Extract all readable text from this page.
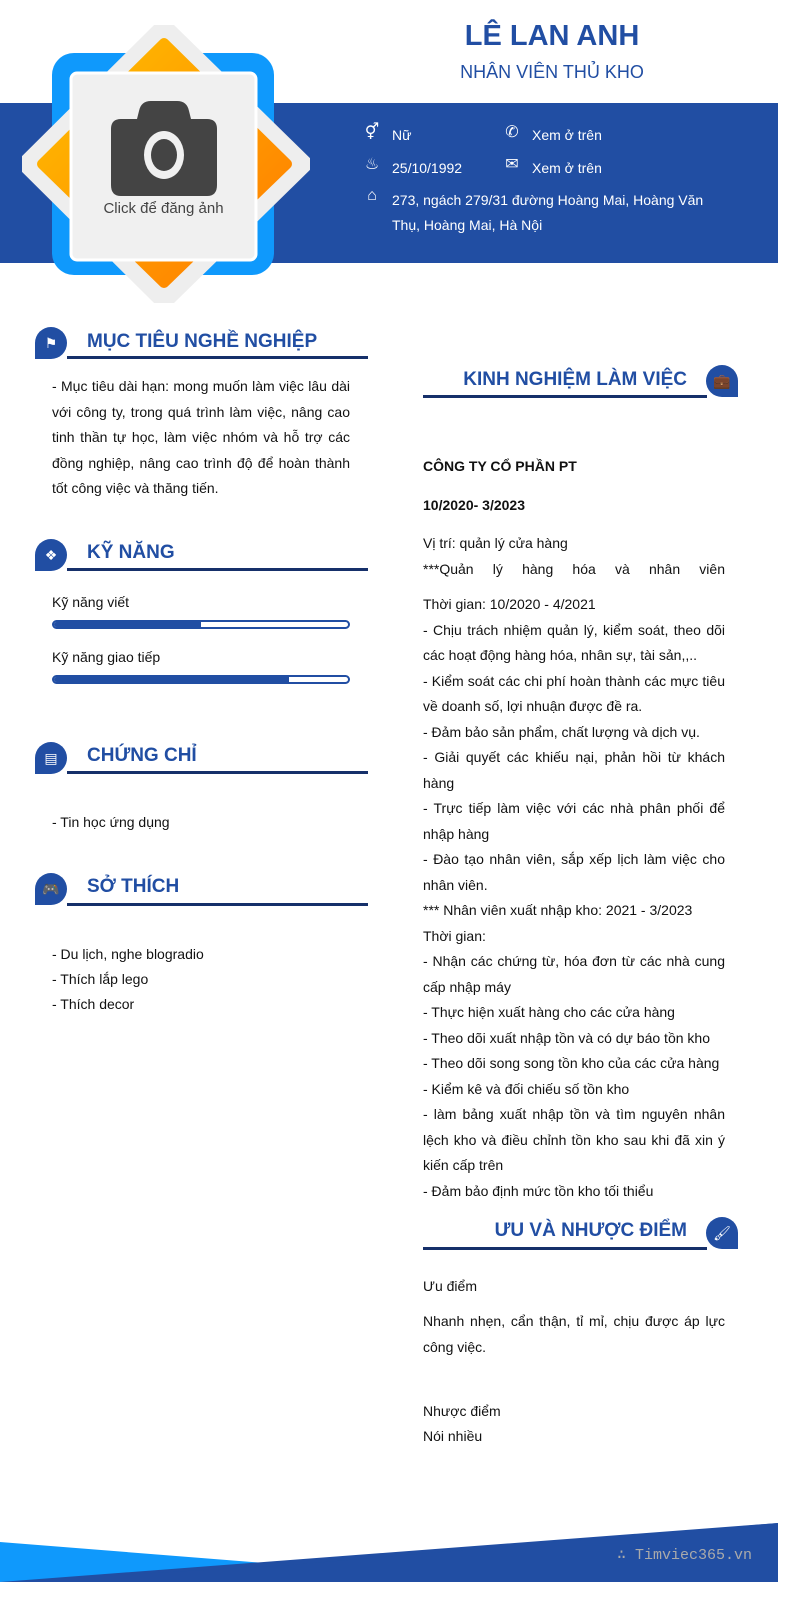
Click để đăng ảnh
LÊ LAN ANH
NHÂN VIÊN THỦ KHO
⚥ Nữ	✆ Xem ở trên
♨ 25/10/1992	✉ Xem ở trên
⌂	273, ngách 279/31 đường Hoàng Mai, Hoàng Văn
Thụ, Hoàng Mai, Hà Nội
⚑	MỤC TIÊU NGHỀ NGHIỆP
- Mục tiêu dài hạn: mong muốn làm việc lâu dài với công ty, trong quá trình làm việc, nâng cao tinh thần tự học, làm việc nhóm và hỗ trợ các đồng nghiệp, nâng cao trình độ để hoàn thành tốt công việc và thăng tiến.
❖	KỸ NĂNG
Kỹ năng viết
Kỹ năng giao tiếp
▤	CHỨNG CHỈ
- Tin học ứng dụng
🎮	SỞ THÍCH
- Du lịch, nghe blogradio
- Thích lắp lego
- Thích decor
KINH NGHIỆM LÀM VIỆC	💼
CÔNG TY CỔ PHẦN PT
10/2020- 3/2023
Vị trí: quản lý cửa hàng
***Quản lý hàng hóa và nhân viên
Thời gian: 10/2020 - 4/2021
- Chịu trách nhiệm quản lý, kiểm soát, theo dõi các hoạt động hàng hóa, nhân sự, tài sản,,..
- Kiểm soát các chi phí hoàn thành các mực tiêu về doanh số, lợi nhuận được đề ra.
- Đảm bảo sản phẩm, chất lượng và dịch vụ.
- Giải quyết các khiếu nại, phản hồi từ khách hàng
- Trực tiếp làm việc với các nhà phân phối để nhập hàng
- Đào tạo nhân viên, sắp xếp lịch làm việc cho nhân viên.
*** Nhân viên xuất nhập kho: 2021 - 3/2023
Thời gian:
- Nhận các chứng từ, hóa đơn từ các nhà cung cấp nhập máy
- Thực hiện xuất hàng cho các cửa hàng
- Theo dõi xuất nhập tồn và có dự báo tồn kho
- Theo dõi song song tồn kho của các cửa hàng
- Kiểm kê và đối chiếu số tồn kho
- làm bảng xuất nhập tồn và tìm nguyên nhân lệch kho và điều chỉnh tồn kho sau khi đã xin ý kiến cấp trên
- Đảm bảo định mức tồn kho tối thiểu
ƯU VÀ NHƯỢC ĐIỂM	🖌
Ưu điểm
Nhanh nhẹn, cẩn thận, tỉ mỉ, chịu được áp lực công việc.
Nhược điểm
Nói nhiều
∴ Timviec365.vn
